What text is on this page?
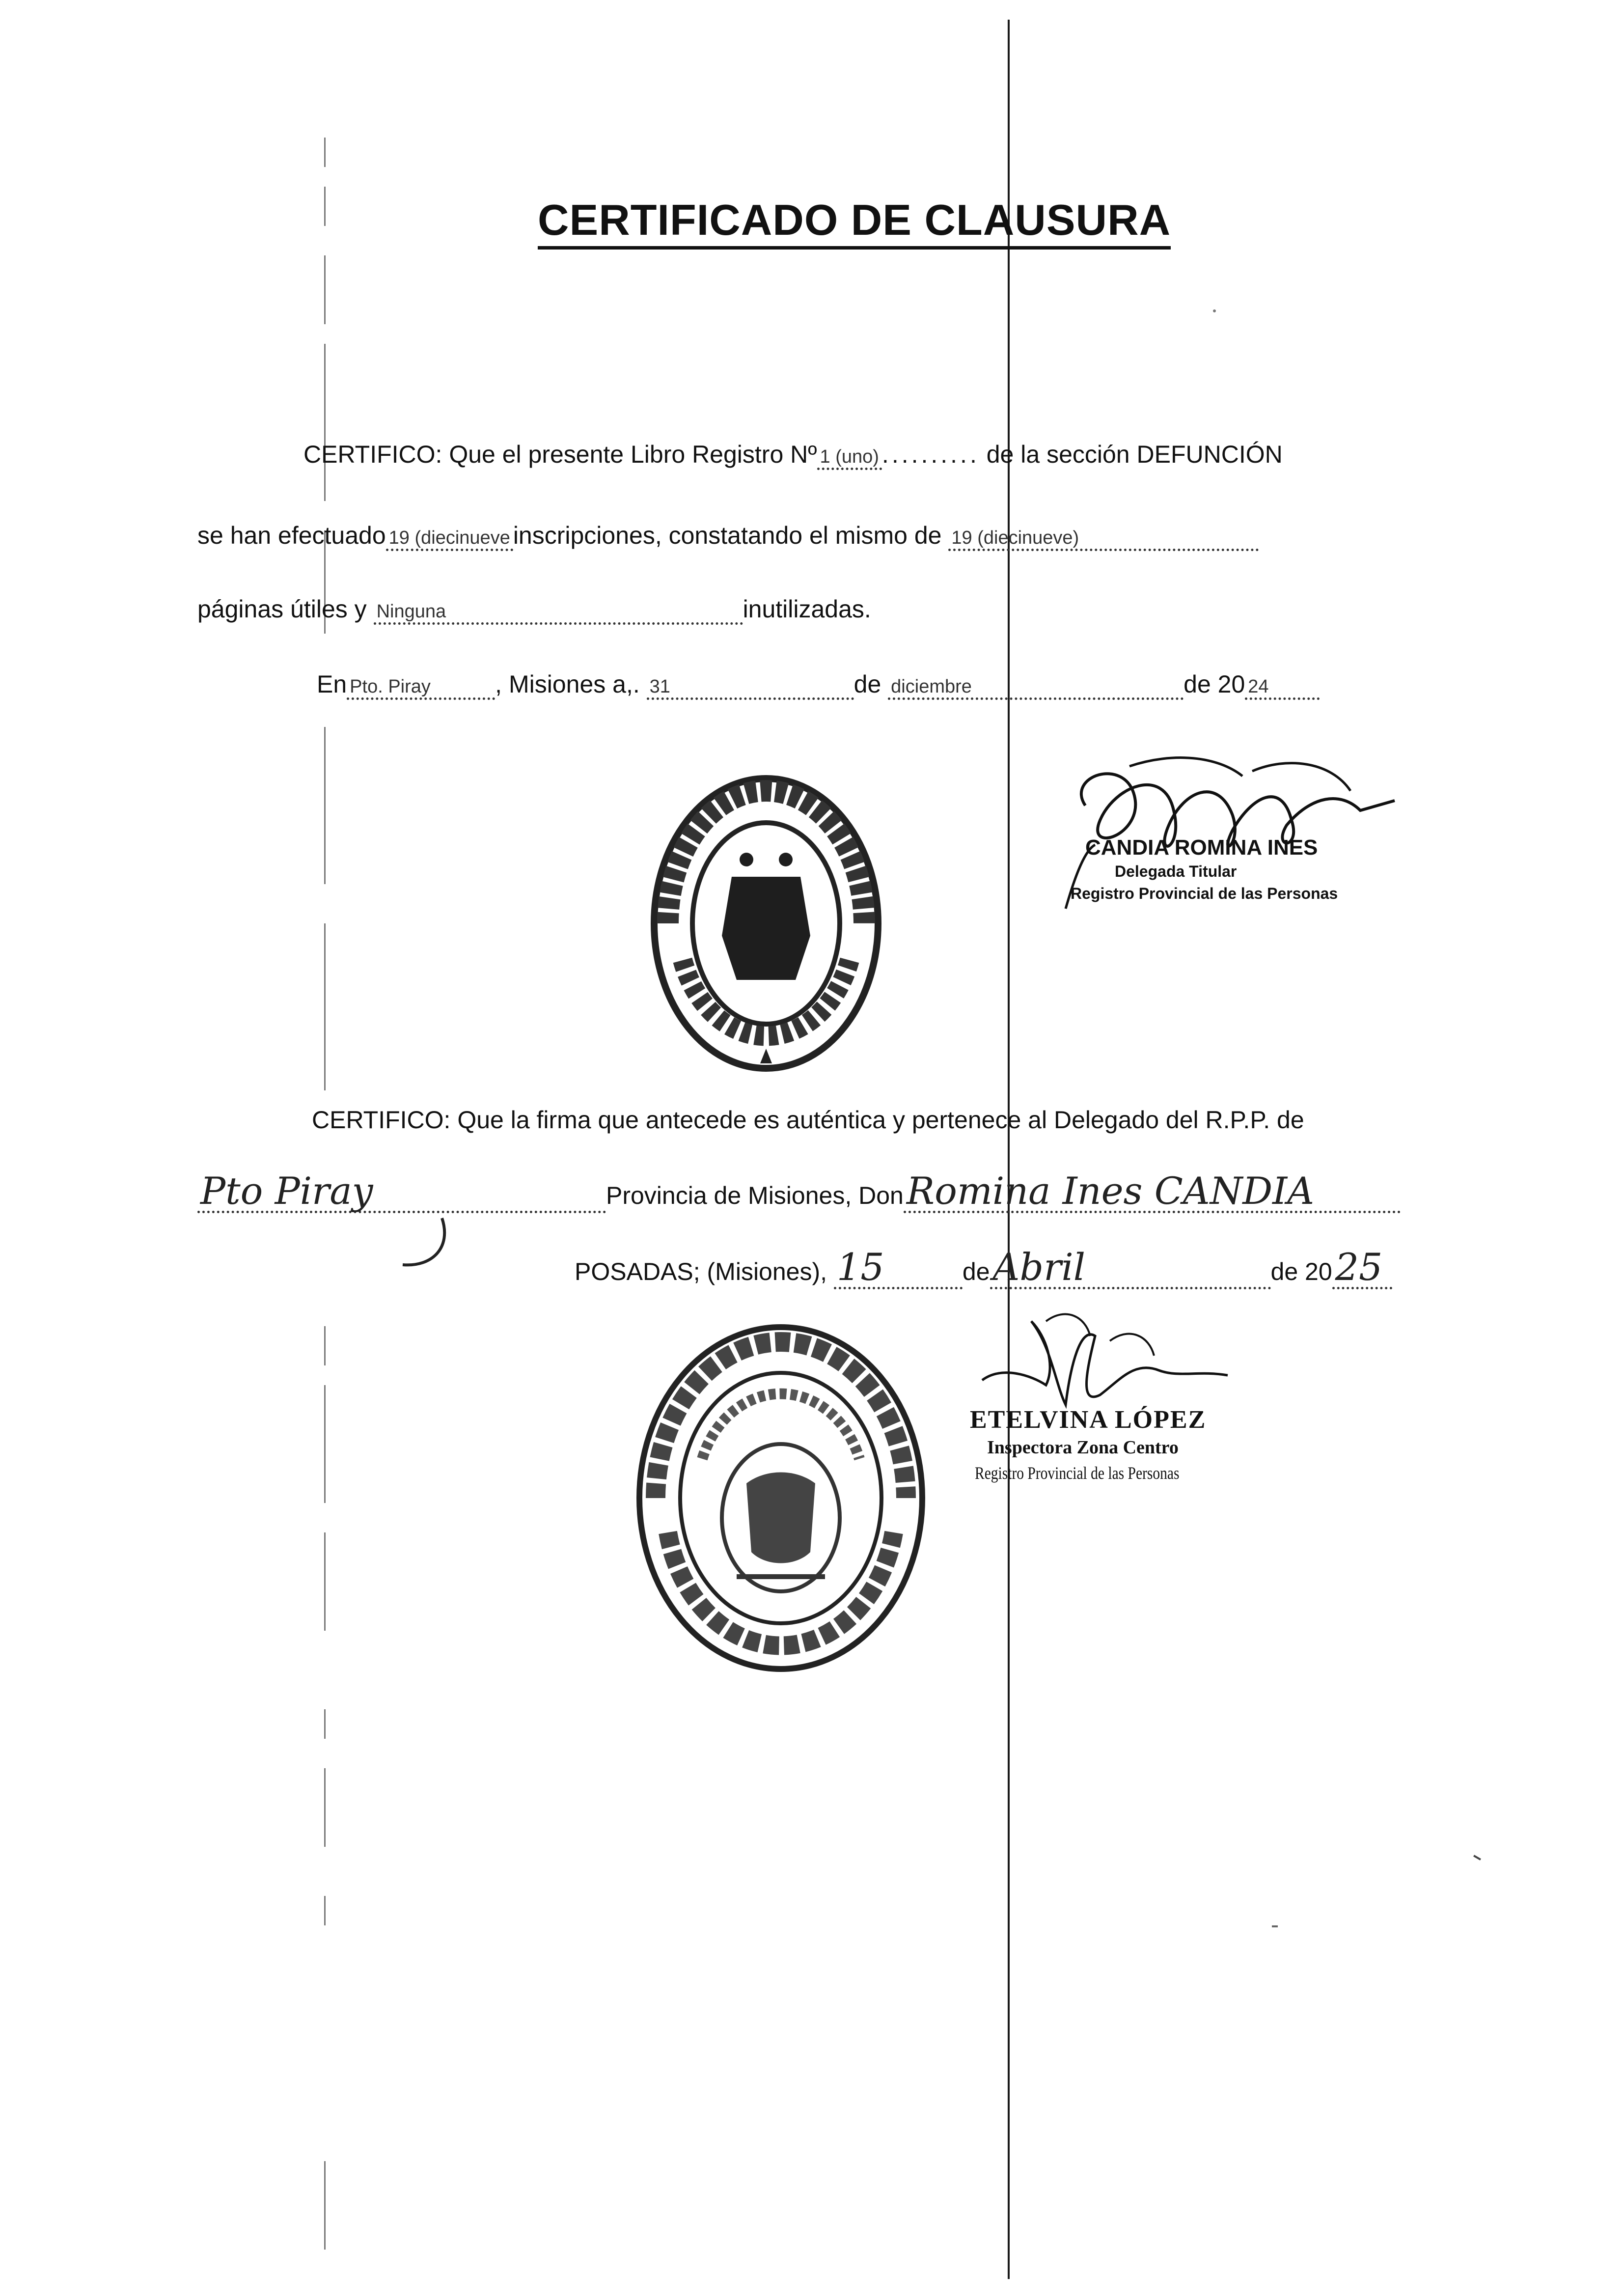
CERTIFICADO DE CLAUSURA
CERTIFICO: Que el presente Libro Registro Nº 1 (uno) .......... de la sección DEFUNCIÓN
se han efectuado 19 (diecinueve inscripciones, constatando el mismo de 19 (diecinueve)
páginas útiles y Ninguna	inutilizadas.
En Pto. Piray	, Misiones a,. 31	de diciembre	de 20 24
CANDIA ROMINA INES
Delegada Titular
Registro Provincial de las Personas
CERTIFICO: Que la firma que antecede es auténtica y pertenece al Delegado del R.P.P. de
Pto Piray	Provincia de Misiones, DonRomina Ines CANDIA
POSADAS; (Misiones), 15	deAbril	de 2025
ETELVINA LÓPEZ
Inspectora Zona Centro
Registro Provincial de las Personas
